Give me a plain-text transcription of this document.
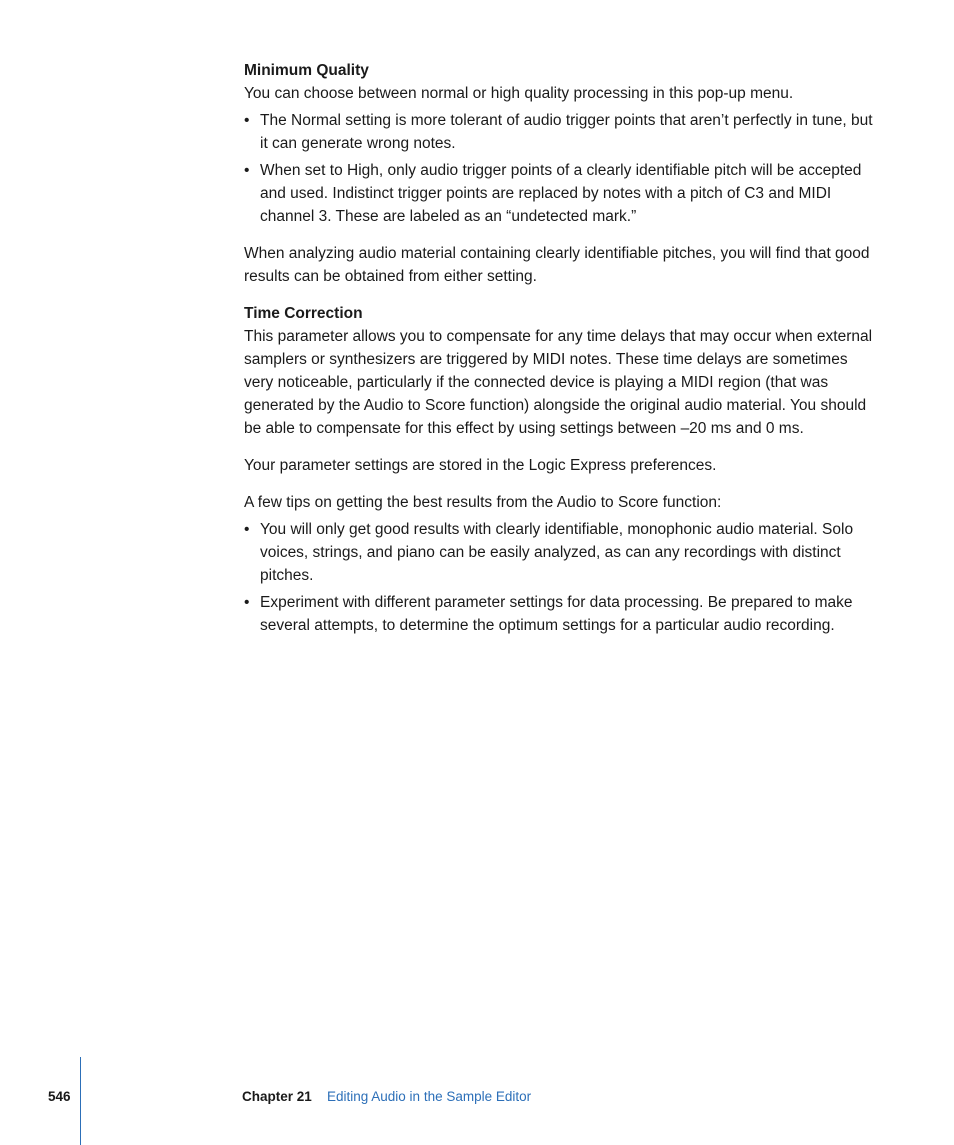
Minimum Quality

You can choose between normal or high quality processing in this pop-up menu.

• The Normal setting is more tolerant of audio trigger points that aren’t perfectly in tune, but it can generate wrong notes.
• When set to High, only audio trigger points of a clearly identifiable pitch will be accepted and used. Indistinct trigger points are replaced by notes with a pitch of C3 and MIDI channel 3. These are labeled as an “undetected mark.”

When analyzing audio material containing clearly identifiable pitches, you will find that good results can be obtained from either setting.

Time Correction

This parameter allows you to compensate for any time delays that may occur when external samplers or synthesizers are triggered by MIDI notes. These time delays are sometimes very noticeable, particularly if the connected device is playing a MIDI region (that was generated by the Audio to Score function) alongside the original audio material. You should be able to compensate for this effect by using settings between –20 ms and 0 ms.

Your parameter settings are stored in the Logic Express preferences.

A few tips on getting the best results from the Audio to Score function:

• You will only get good results with clearly identifiable, monophonic audio material. Solo voices, strings, and piano can be easily analyzed, as can any recordings with distinct pitches.
• Experiment with different parameter settings for data processing. Be prepared to make several attempts, to determine the optimum settings for a particular audio recording.
546	Chapter 21 Editing Audio in the Sample Editor
